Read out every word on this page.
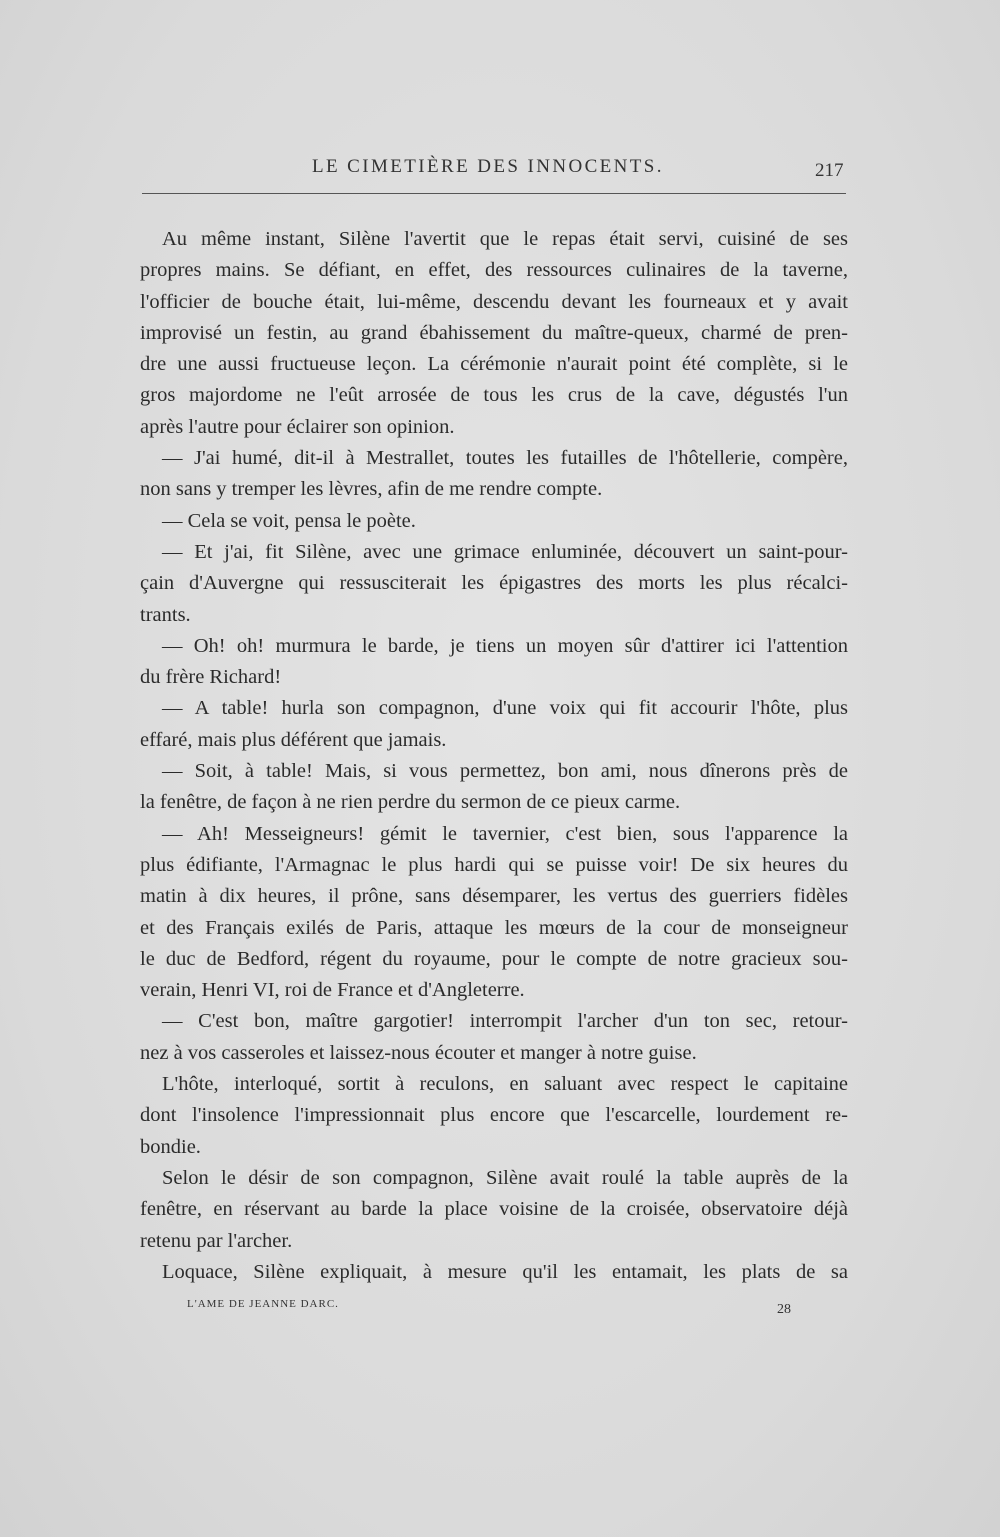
LE CIMETIÈRE DES INNOCENTS.	217
Au même instant, Silène l'avertit que le repas était servi, cuisiné de ses
propres mains. Se défiant, en effet, des ressources culinaires de la taverne,
l'officier de bouche était, lui-même, descendu devant les fourneaux et y avait
improvisé un festin, au grand ébahissement du maître-queux, charmé de pren-
dre une aussi fructueuse leçon. La cérémonie n'aurait point été complète, si le
gros majordome ne l'eût arrosée de tous les crus de la cave, dégustés l'un
après l'autre pour éclairer son opinion.
— J'ai humé, dit-il à Mestrallet, toutes les futailles de l'hôtellerie, compère,
non sans y tremper les lèvres, afin de me rendre compte.
— Cela se voit, pensa le poète.
— Et j'ai, fit Silène, avec une grimace enluminée, découvert un saint-pour-
çain d'Auvergne qui ressusciterait les épigastres des morts les plus récalci-
trants.
— Oh! oh! murmura le barde, je tiens un moyen sûr d'attirer ici l'attention
du frère Richard!
— A table! hurla son compagnon, d'une voix qui fit accourir l'hôte, plus
effaré, mais plus déférent que jamais.
— Soit, à table! Mais, si vous permettez, bon ami, nous dînerons près de
la fenêtre, de façon à ne rien perdre du sermon de ce pieux carme.
— Ah! Messeigneurs! gémit le tavernier, c'est bien, sous l'apparence la
plus édifiante, l'Armagnac le plus hardi qui se puisse voir! De six heures du
matin à dix heures, il prône, sans désemparer, les vertus des guerriers fidèles
et des Français exilés de Paris, attaque les mœurs de la cour de monseigneur
le duc de Bedford, régent du royaume, pour le compte de notre gracieux sou-
verain, Henri VI, roi de France et d'Angleterre.
— C'est bon, maître gargotier! interrompit l'archer d'un ton sec, retour-
nez à vos casseroles et laissez-nous écouter et manger à notre guise.
L'hôte, interloqué, sortit à reculons, en saluant avec respect le capitaine
dont l'insolence l'impressionnait plus encore que l'escarcelle, lourdement re-
bondie.
Selon le désir de son compagnon, Silène avait roulé la table auprès de la
fenêtre, en réservant au barde la place voisine de la croisée, observatoire déjà
retenu par l'archer.
Loquace, Silène expliquait, à mesure qu'il les entamait, les plats de sa
L'AME DE JEANNE DARC.	28
